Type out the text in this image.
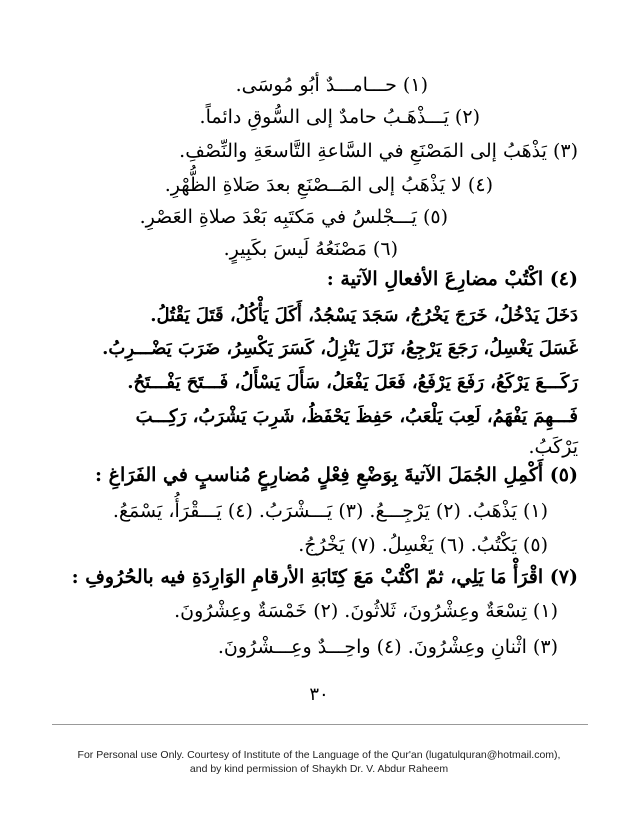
(١) حـــامـــدٌ أبُو مُوسَى.
(٢) يَـــذْهَـبُ حامدٌ إلى السُّوقِ دائماً.
(٣) يَذْهَبُ إلى المَصْنَعِ في السَّاعةِ التَّاسعَةِ والنِّصْفِ.
(٤) لا يَذْهَبُ إلى المَــصْنَعِ بعدَ صَلاةِ الظُّهْرِ.
(٥) يَـــجْلسُ في مَكتَبِه بَعْدَ صلاةِ العَصْرِ.
(٦) مَصْنَعُهُ لَيسَ بكَبِيرٍ.
(٤) اكْتُبْ مضارِعَ الأفعالِ الآتية :
دَخَلَ يَدْخُلُ، خَرَجَ يَخْرُجُ، سَجَدَ يَسْجُدُ، أَكَلَ يَأْكُلُ، قَتَلَ يَقْتُلُ.
غَسَلَ يَغْسِلُ، رَجَعَ يَرْجِعُ، نَزَلَ يَنْزِلُ، كَسَرَ يَكْسِرُ، ضَرَبَ يَضْـــرِبُ.
رَكَـــعَ يَرْكَعُ، رَفَعَ يَرْفَعُ، فَعَلَ يَفْعَلُ، سَأَلَ يَسْأَلُ، فَـــتَحَ يَفْـــتَحُ.
فَـــهِمَ يَفْهَمُ، لَعِبَ يَلْعَبُ، حَفِظَ يَحْفَظُ، شَرِبَ يَشْرَبُ، رَكِـــبَ
يَرْكَبُ.
(٥) أَكْمِلِ الجُمَلَ الآتيةَ بِوَضْعِ فِعْلٍ مُضارِعٍ مُناسبٍ في الفَرَاغِ :
(١) يَذْهَبُ. (٢) يَرْجِـــعُ. (٣) يَـــشْرَبُ. (٤) يَـــقْرَأُ، يَسْمَعُ.
(٥) يَكْتُبُ. (٦) يَغْسِلُ. (٧) يَخْرُجُ.
(٧) اقْرَأْ مَا يَلِي، ثمّ اكْتُبْ مَعَ كِتَابَةِ الأرقامِ الوَارِدَةِ فيه بالحُرُوفِ :
(١) تِسْعَةٌ وعِشْرُونَ، ثَلاثُونَ. (٢) خَمْسَةٌ وعِشْرُونَ.
(٣) اثْنانِ وعِشْرُونَ. (٤) واحِـــدٌ وعِـــشْرُونَ.
٣٠
For Personal use Only. Courtesy of Institute of the Language of the Qur'an (lugatulquran@hotmail.com),
and by kind permission of Shaykh Dr. V. Abdur Raheem
